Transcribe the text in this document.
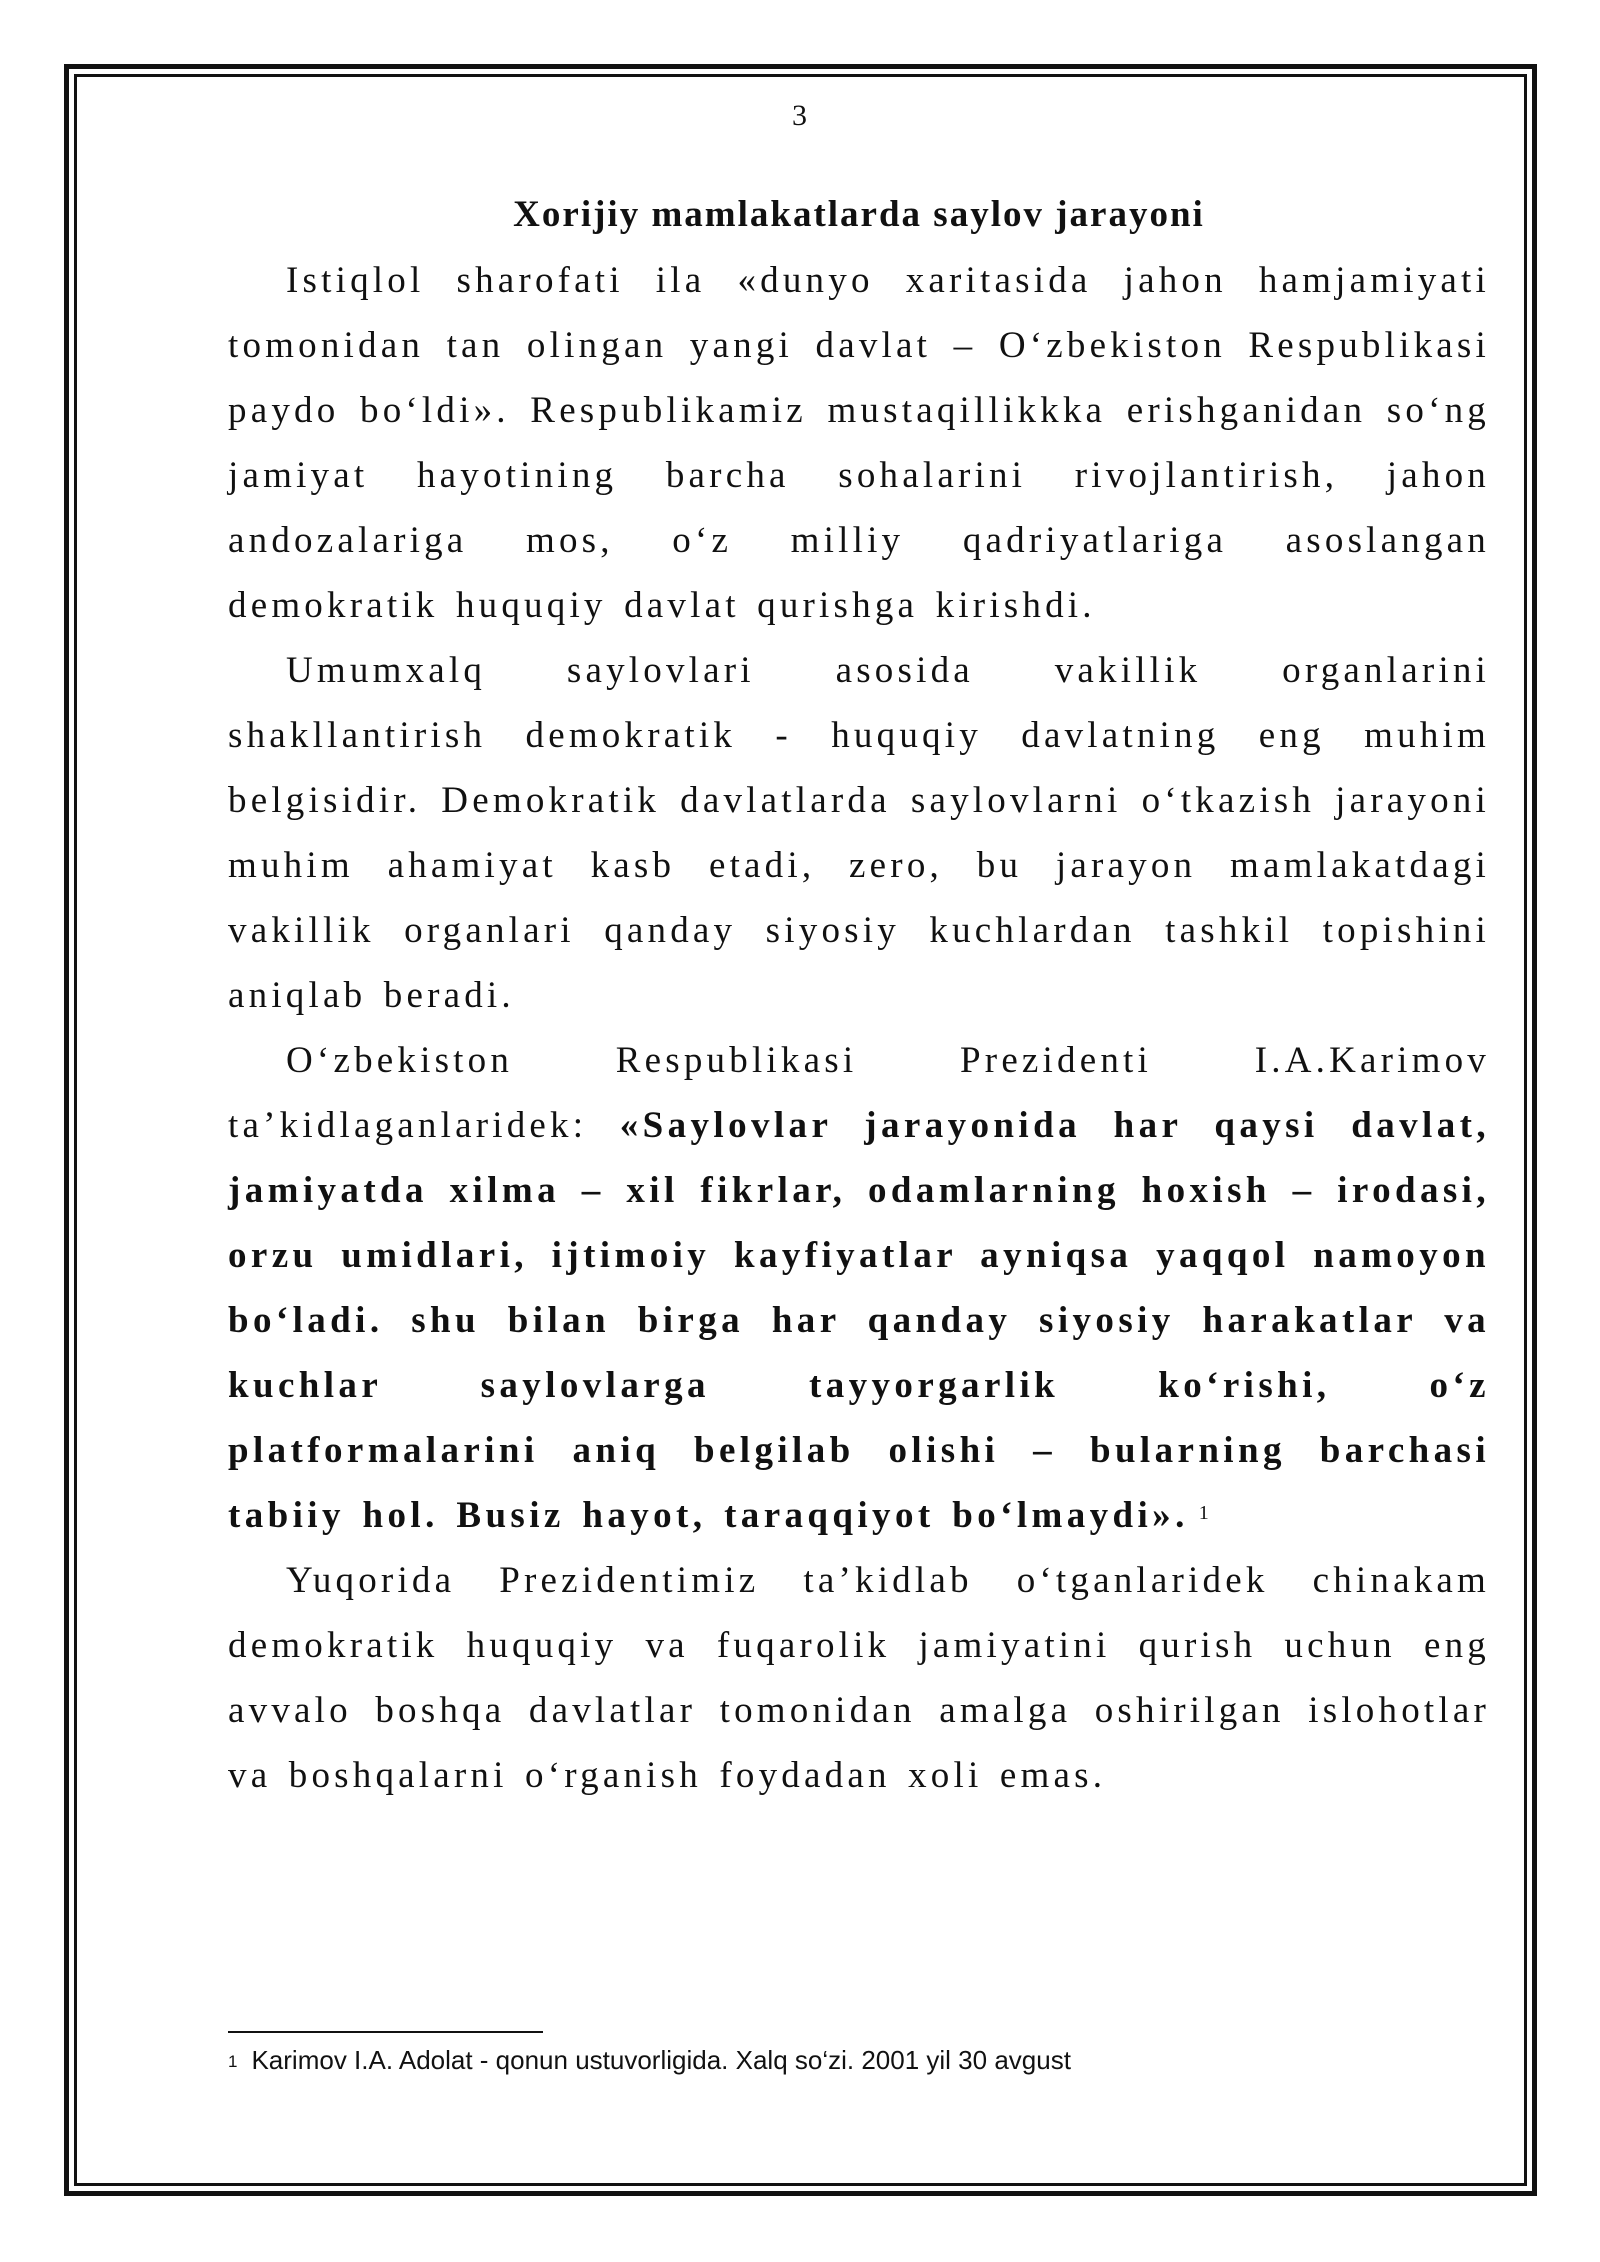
3
Xorijiy mamlakatlarda saylov jarayoni

Istiqlol sharofati ila «dunyo xaritasida jahon hamjamiyati tomonidan tan olingan yangi davlat – O‘zbekiston Respublikasi paydo bo‘ldi». Respublikamiz mustaqillikkka erishganidan so‘ng jamiyat hayotining barcha sohalarini rivojlantirish, jahon andozalariga mos, o‘z milliy qadriyatlariga asoslangan demokratik huquqiy davlat qurishga kirishdi.

Umumxalq saylovlari asosida vakillik organlarini shakllantirish demokratik - huquqiy davlatning eng muhim belgisidir. Demokratik davlatlarda saylovlarni o‘tkazish jarayoni muhim ahamiyat kasb etadi, zero, bu jarayon mamlakatdagi vakillik organlari qanday siyosiy kuchlardan tashkil topishini aniqlab beradi.

O‘zbekiston Respublikasi Prezidenti I.A.Karimov ta’kidlaganlaridek: «Saylovlar jarayonida har qaysi davlat, jamiyatda xilma – xil fikrlar, odamlarning hoxish – irodasi, orzu umidlari, ijtimoiy kayfiyatlar ayniqsa yaqqol namoyon bo‘ladi. shu bilan birga har qanday siyosiy harakatlar va kuchlar saylovlarga tayyorgarlik ko‘rishi, o‘z platformalarini aniq belgilab olishi – bularning barchasi tabiiy hol. Busiz hayot, taraqqiyot bo‘lmaydi». $^1$

Yuqorida Prezidentimiz ta’kidlab o‘tganlaridek chinakam demokratik huquqiy va fuqarolik jamiyatini qurish uchun eng avvalo boshqa davlatlar tomonidan amalga oshirilgan islohotlar va boshqalarni o‘rganish foydadan xoli emas.

$^1$ Karimov I.A. Adolat - qonun ustuvorligida. Xalq so‘zi. 2001 yil 30 avgust
